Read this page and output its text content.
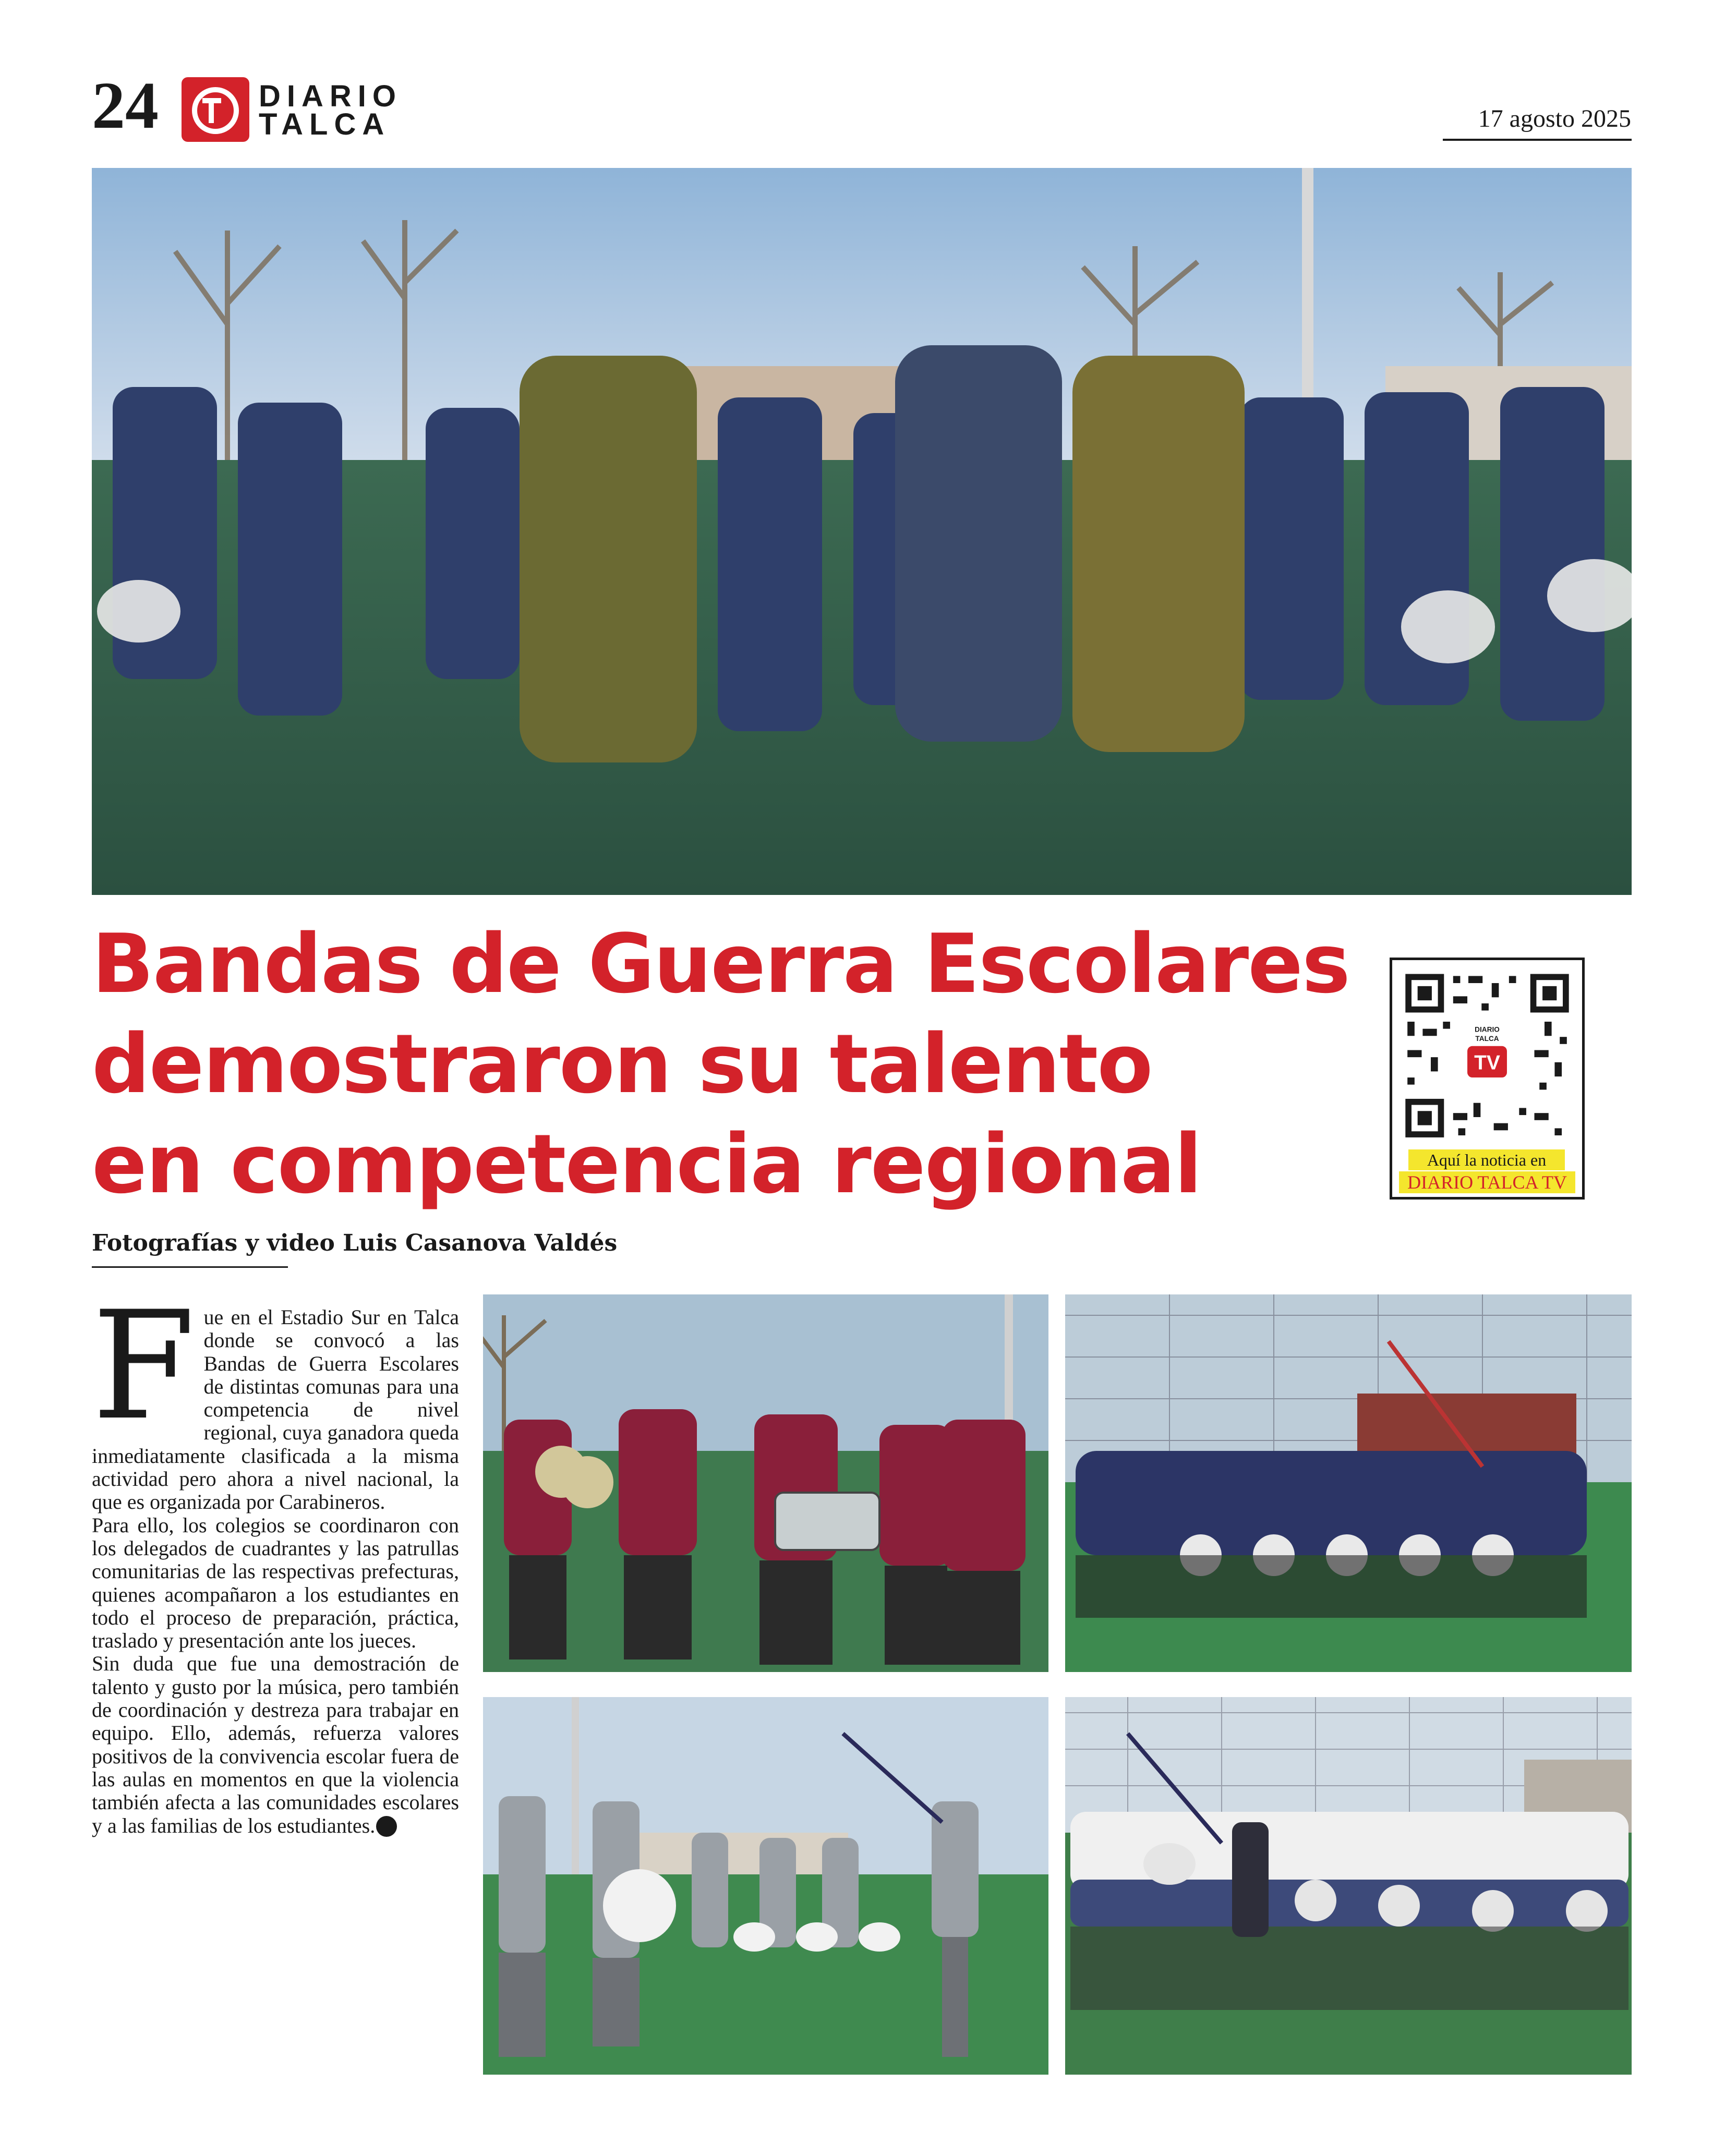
24	DIARIO
TALCA	17 agosto 2025
Bandas de Guerra Escolares
demostraron su talento
en competencia regional
DIARIO
TALCA
TV
Aquí la noticia en
DIARIO TALCA TV
Fotografías y video Luis Casanova Valdés
F ue en el Estadio Sur en Talca donde se convocó a las Bandas de Guerra Escolares de distintas comunas para una competencia de nivel regional, cuya ganadora queda inmediatamente clasificada a la misma actividad pero ahora a nivel nacional, la que es organizada por Carabineros.

Para ello, los colegios se coordinaron con los delegados de cuadrantes y las patrullas comunitarias de las respectivas prefecturas, quienes acompañaron a los estudiantes en todo el proceso de preparación, práctica, traslado y presentación ante los jueces.

Sin duda que fue una demostración de talento y gusto por la música, pero también de coordinación y destreza para trabajar en equipo. Ello, además, refuerza valores positivos de la convivencia escolar fuera de las aulas en momentos en que la violencia también afecta a las comunidades escolares y a las familias de los estudiantes.
